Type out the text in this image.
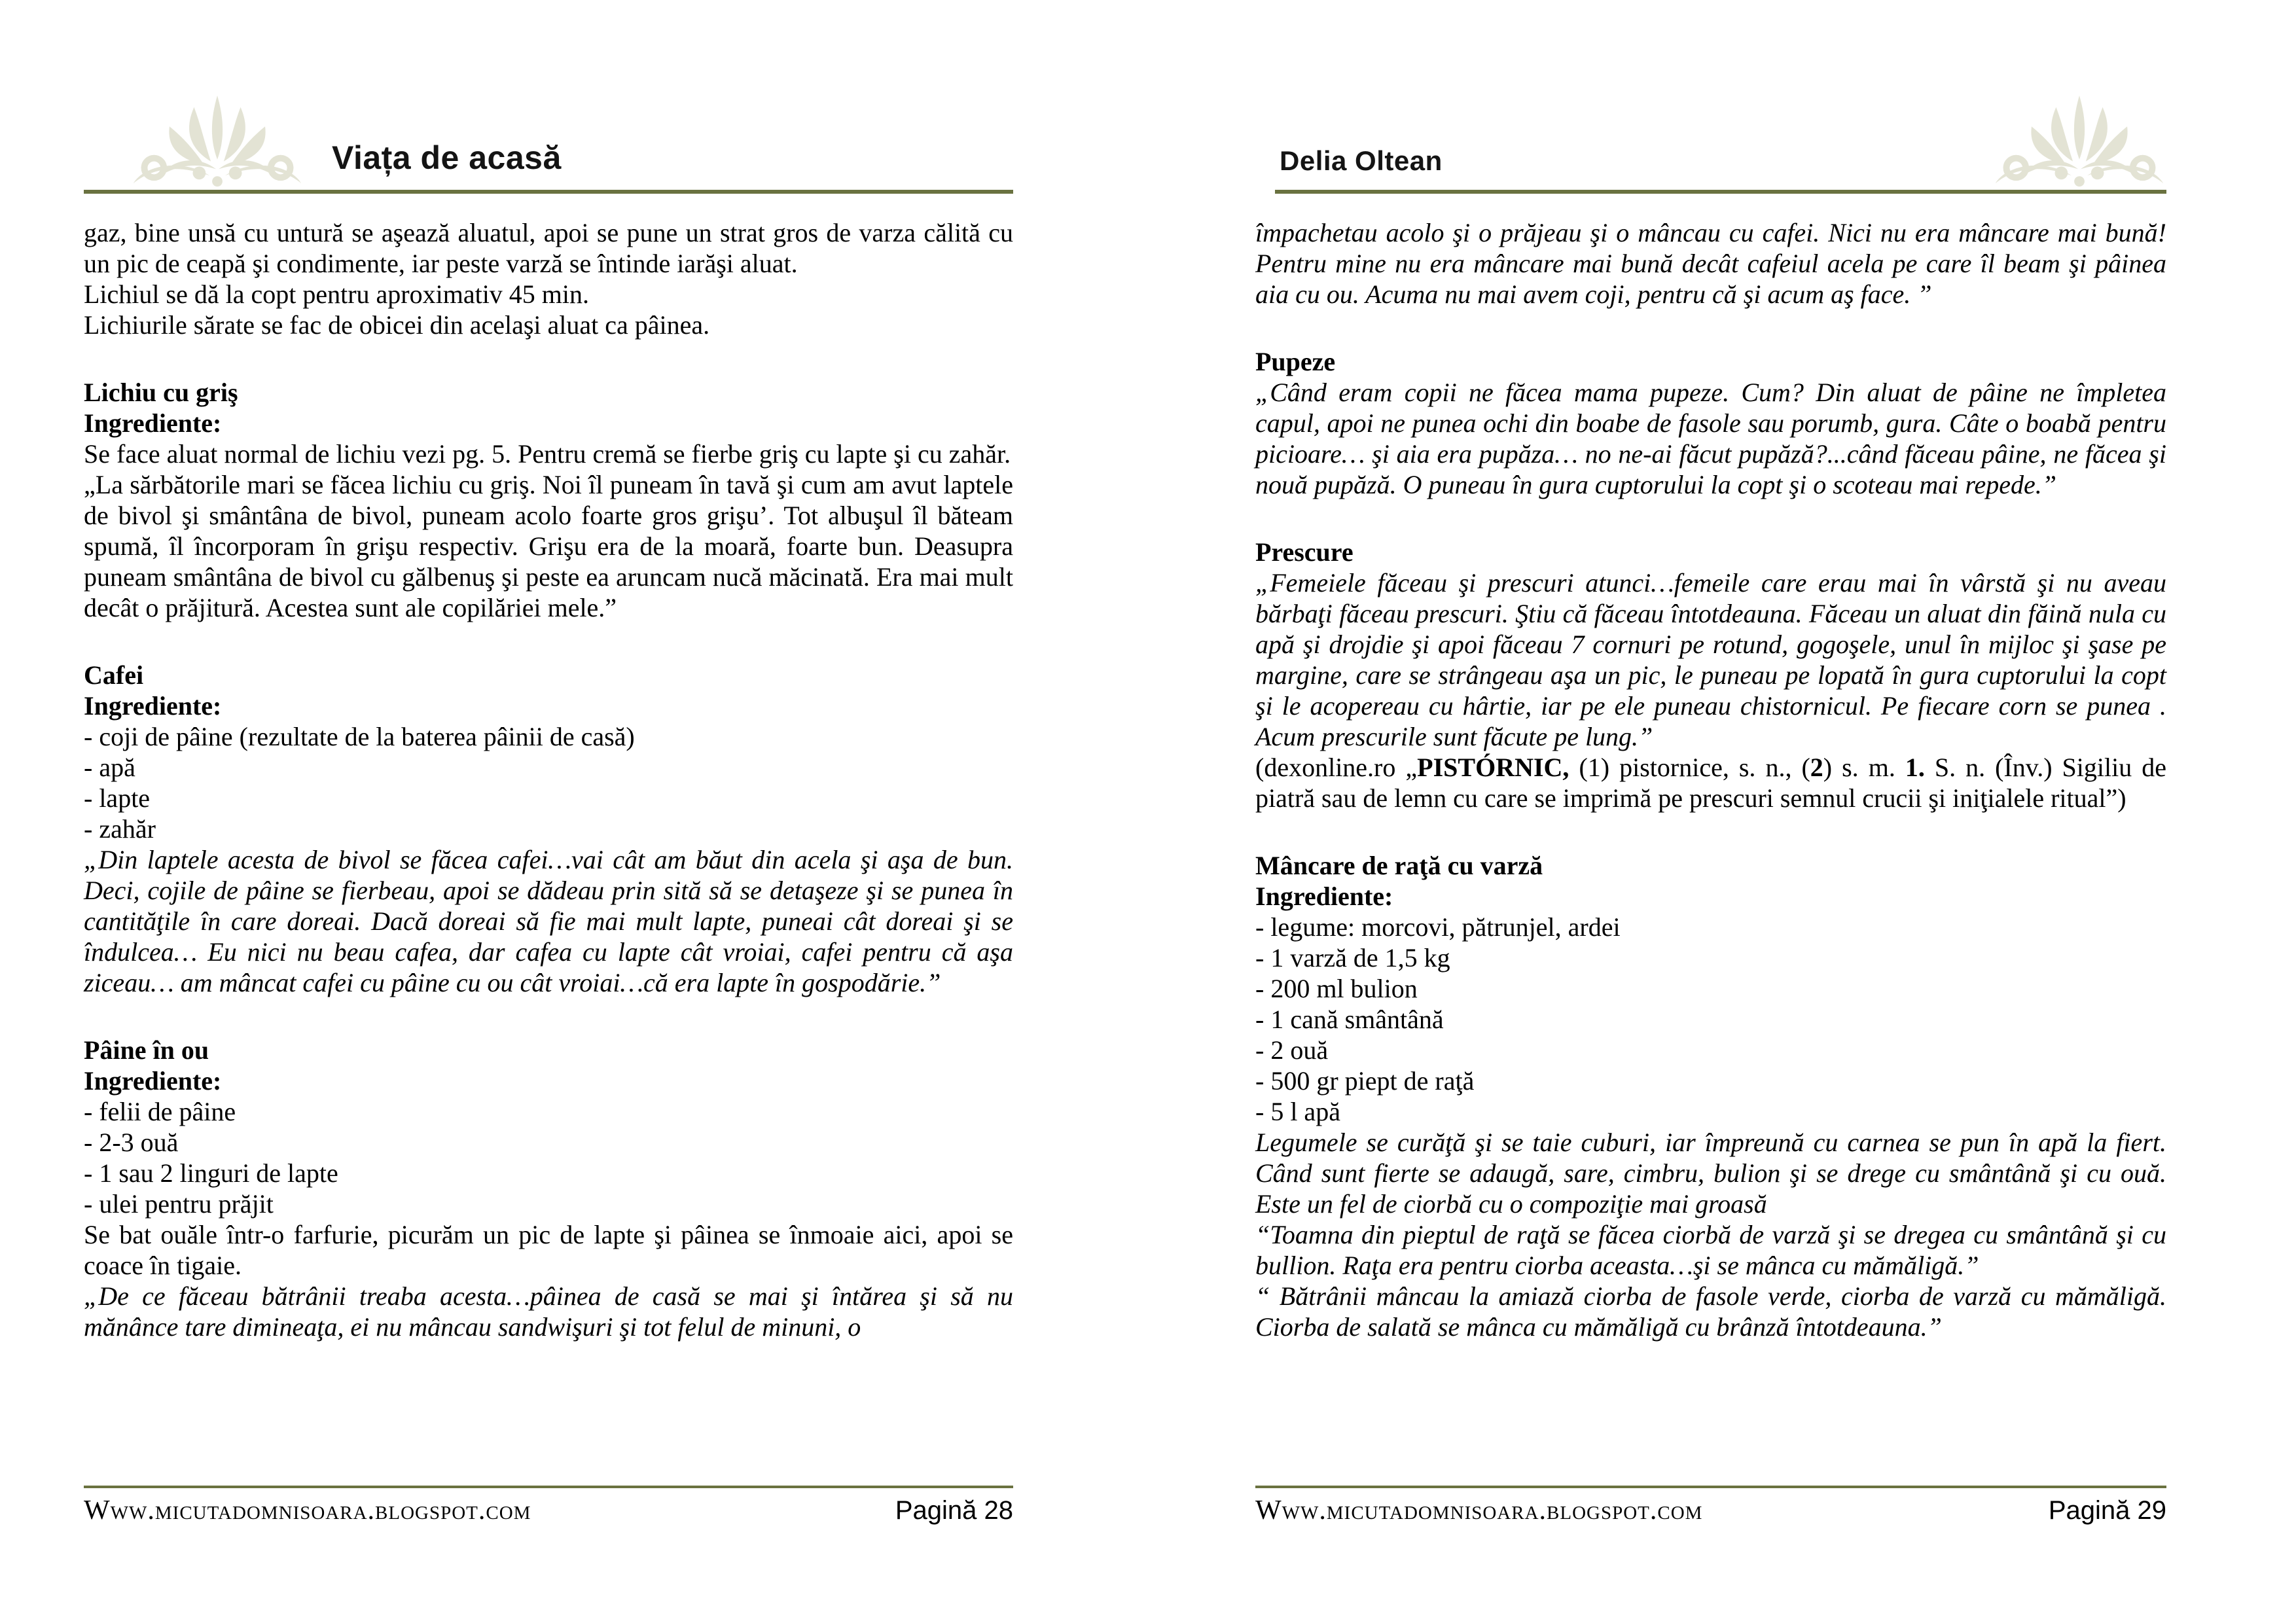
Viața de acasă

gaz, bine unsă cu untură se aşează aluatul, apoi se pune un strat gros de varza călită cu un pic de ceapă şi condimente, iar peste varză se întinde iarăşi aluat.

Lichiul se dă la copt pentru aproximativ 45 min.

Lichiurile sărate se fac de obicei din acelaşi aluat ca pâinea.

Lichiu cu griş

Ingrediente:

Se face aluat normal de lichiu vezi pg. 5. Pentru cremă se fierbe griş cu lapte şi cu zahăr.

„La sărbătorile mari se făcea lichiu cu griş. Noi îl puneam în tavă şi cum am avut laptele de bivol şi smântâna de bivol, puneam acolo foarte gros grişu’. Tot albuşul îl băteam spumă, îl încorporam în grişu respectiv. Grişu era de la moară, foarte bun. Deasupra puneam smântâna de bivol cu gălbenuş şi peste ea aruncam nucă măcinată. Era mai mult decât o prăjitură. Acestea sunt ale copilăriei mele.”

Cafei

Ingrediente:

- coji de pâine (rezultate de la baterea pâinii de casă)

- apă

- lapte

- zahăr

„Din laptele acesta de bivol se făcea cafei…vai cât am băut din acela şi aşa de bun. Deci, cojile de pâine se fierbeau, apoi se dădeau prin sită să se detaşeze şi se punea în cantităţile în care doreai. Dacă doreai să fie mai mult lapte, puneai cât doreai şi se îndulcea… Eu nici nu beau cafea, dar cafea cu lapte cât vroiai, cafei pentru că aşa ziceau… am mâncat cafei cu pâine cu ou cât vroiai…că era lapte în gospodărie.”

Pâine în ou

Ingrediente:

- felii de pâine

- 2-3 ouă

- 1 sau 2 linguri de lapte

- ulei pentru prăjit

Se bat ouăle într-o farfurie, picurăm un pic de lapte şi pâinea se înmoaie aici, apoi se coace în tigaie.

„De ce făceau bătrânii treaba acesta…pâinea de casă se mai şi întărea şi să nu mănânce tare dimineaţa, ei nu mâncau sandwişuri şi tot felul de minuni, o

Www.micutadomnisoara.blogspot.com	Pagină 28
Delia Oltean

împachetau acolo şi o prăjeau şi o mâncau cu cafei. Nici nu era mâncare mai bună! Pentru mine nu era mâncare mai bună decât cafeiul acela pe care îl beam şi pâinea aia cu ou. Acuma nu mai avem coji, pentru că şi acum aş face. ”

Pupeze

„Când eram copii ne făcea mama pupeze. Cum? Din aluat de pâine ne împletea capul, apoi ne punea ochi din boabe de fasole sau porumb, gura. Câte o boabă pentru picioare… şi aia era pupăza… no ne-ai făcut pupăză?...când făceau pâine, ne făcea şi nouă pupăză. O puneau în gura cuptorului la copt şi o scoteau mai repede.”

Prescure

„Femeiele făceau şi prescuri atunci…femeile care erau mai în vârstă şi nu aveau bărbaţi făceau prescuri. Ştiu că făceau întotdeauna. Făceau un aluat din făină nula cu apă şi drojdie şi apoi făceau 7 cornuri pe rotund, gogoşele, unul în mijloc şi şase pe margine, care se strângeau aşa un pic, le puneau pe lopată în gura cuptorului la copt şi le acopereau cu hârtie, iar pe ele puneau chistornicul. Pe fiecare corn se punea . Acum prescurile sunt făcute pe lung.”

(dexonline.ro „PISTÓRNIC, (1) pistornice, s. n., (2) s. m. 1. S. n. (Înv.) Sigiliu de piatră sau de lemn cu care se imprimă pe prescuri semnul crucii şi iniţialele ritual”)

Mâncare de raţă cu varză

Ingrediente:

- legume: morcovi, pătrunjel, ardei

- 1 varză de 1,5 kg

- 200 ml bulion

- 1 cană smântână

- 2 ouă

- 500 gr piept de raţă

- 5 l apă

Legumele se curăţă şi se taie cuburi, iar împreună cu carnea se pun în apă la fiert. Când sunt fierte se adaugă, sare, cimbru, bulion şi se drege cu smântână şi cu ouă. Este un fel de ciorbă cu o compoziţie mai groasă

“Toamna din pieptul de raţă se făcea ciorbă de varză şi se dregea cu smântână şi cu bullion. Raţa era pentru ciorba aceasta…şi se mânca cu mămăligă.”

“ Bătrânii mâncau la amiază ciorba de fasole verde, ciorba de varză cu mămăligă. Ciorba de salată se mânca cu mămăligă cu brânză întotdeauna.”

Www.micutadomnisoara.blogspot.com	Pagină 29
